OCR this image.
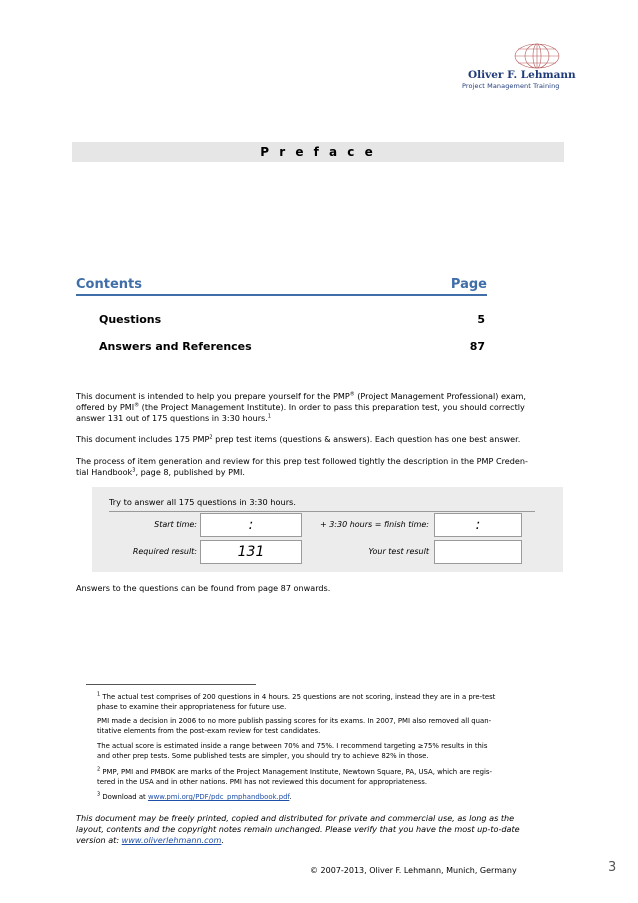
Oliver F. Lehmann
Project Management Training
P r e f a c e
Contents	Page
Questions	5
Answers and References	87
This document is intended to help you prepare yourself for the PMP® (Project Management Professional) exam,
offered by PMI® (the Project Management Institute). In order to pass this preparation test, you should correctly
answer 131 out of 175 questions in 3:30 hours.$^1$
This document includes 175 PMP$^2$ prep test items (questions & answers). Each question has one best answer.
The process of item generation and review for this prep test followed tightly the description in the PMP Creden-
tial Handbook$^3$, page 8, published by PMI.
Try to answer all 175 questions in 3:30 hours.
Start time:	:	+ 3:30 hours = finish time:	:
Required result:	131	Your test result
Answers to the questions can be found from page 87 onwards.
$^1$ The actual test comprises of 200 questions in 4 hours. 25 questions are not scoring, instead they are in a pre-test
phase to examine their appropriateness for future use.
PMI made a decision in 2006 to no more publish passing scores for its exams. In 2007, PMI also removed all quan-
titative elements from the post-exam review for test candidates.
The actual score is estimated inside a range between 70% and 75%. I recommend targeting ≥75% results in this
and other prep tests. Some published tests are simpler, you should try to achieve 82% in those.
$^2$ PMP, PMI and PMBOK are marks of the Project Management Institute, Newtown Square, PA, USA, which are regis-
tered in the USA and in other nations. PMI has not reviewed this document for appropriateness.
$^3$ Download at www.pmi.org/PDF/pdc_pmphandbook.pdf.
This document may be freely printed, copied and distributed for private and commercial use, as long as the
layout, contents and the copyright notes remain unchanged. Please verify that you have the most up-to-date
version at: www.oliverlehmann.com.
© 2007-2013, Oliver F. Lehmann, Munich, Germany	3
